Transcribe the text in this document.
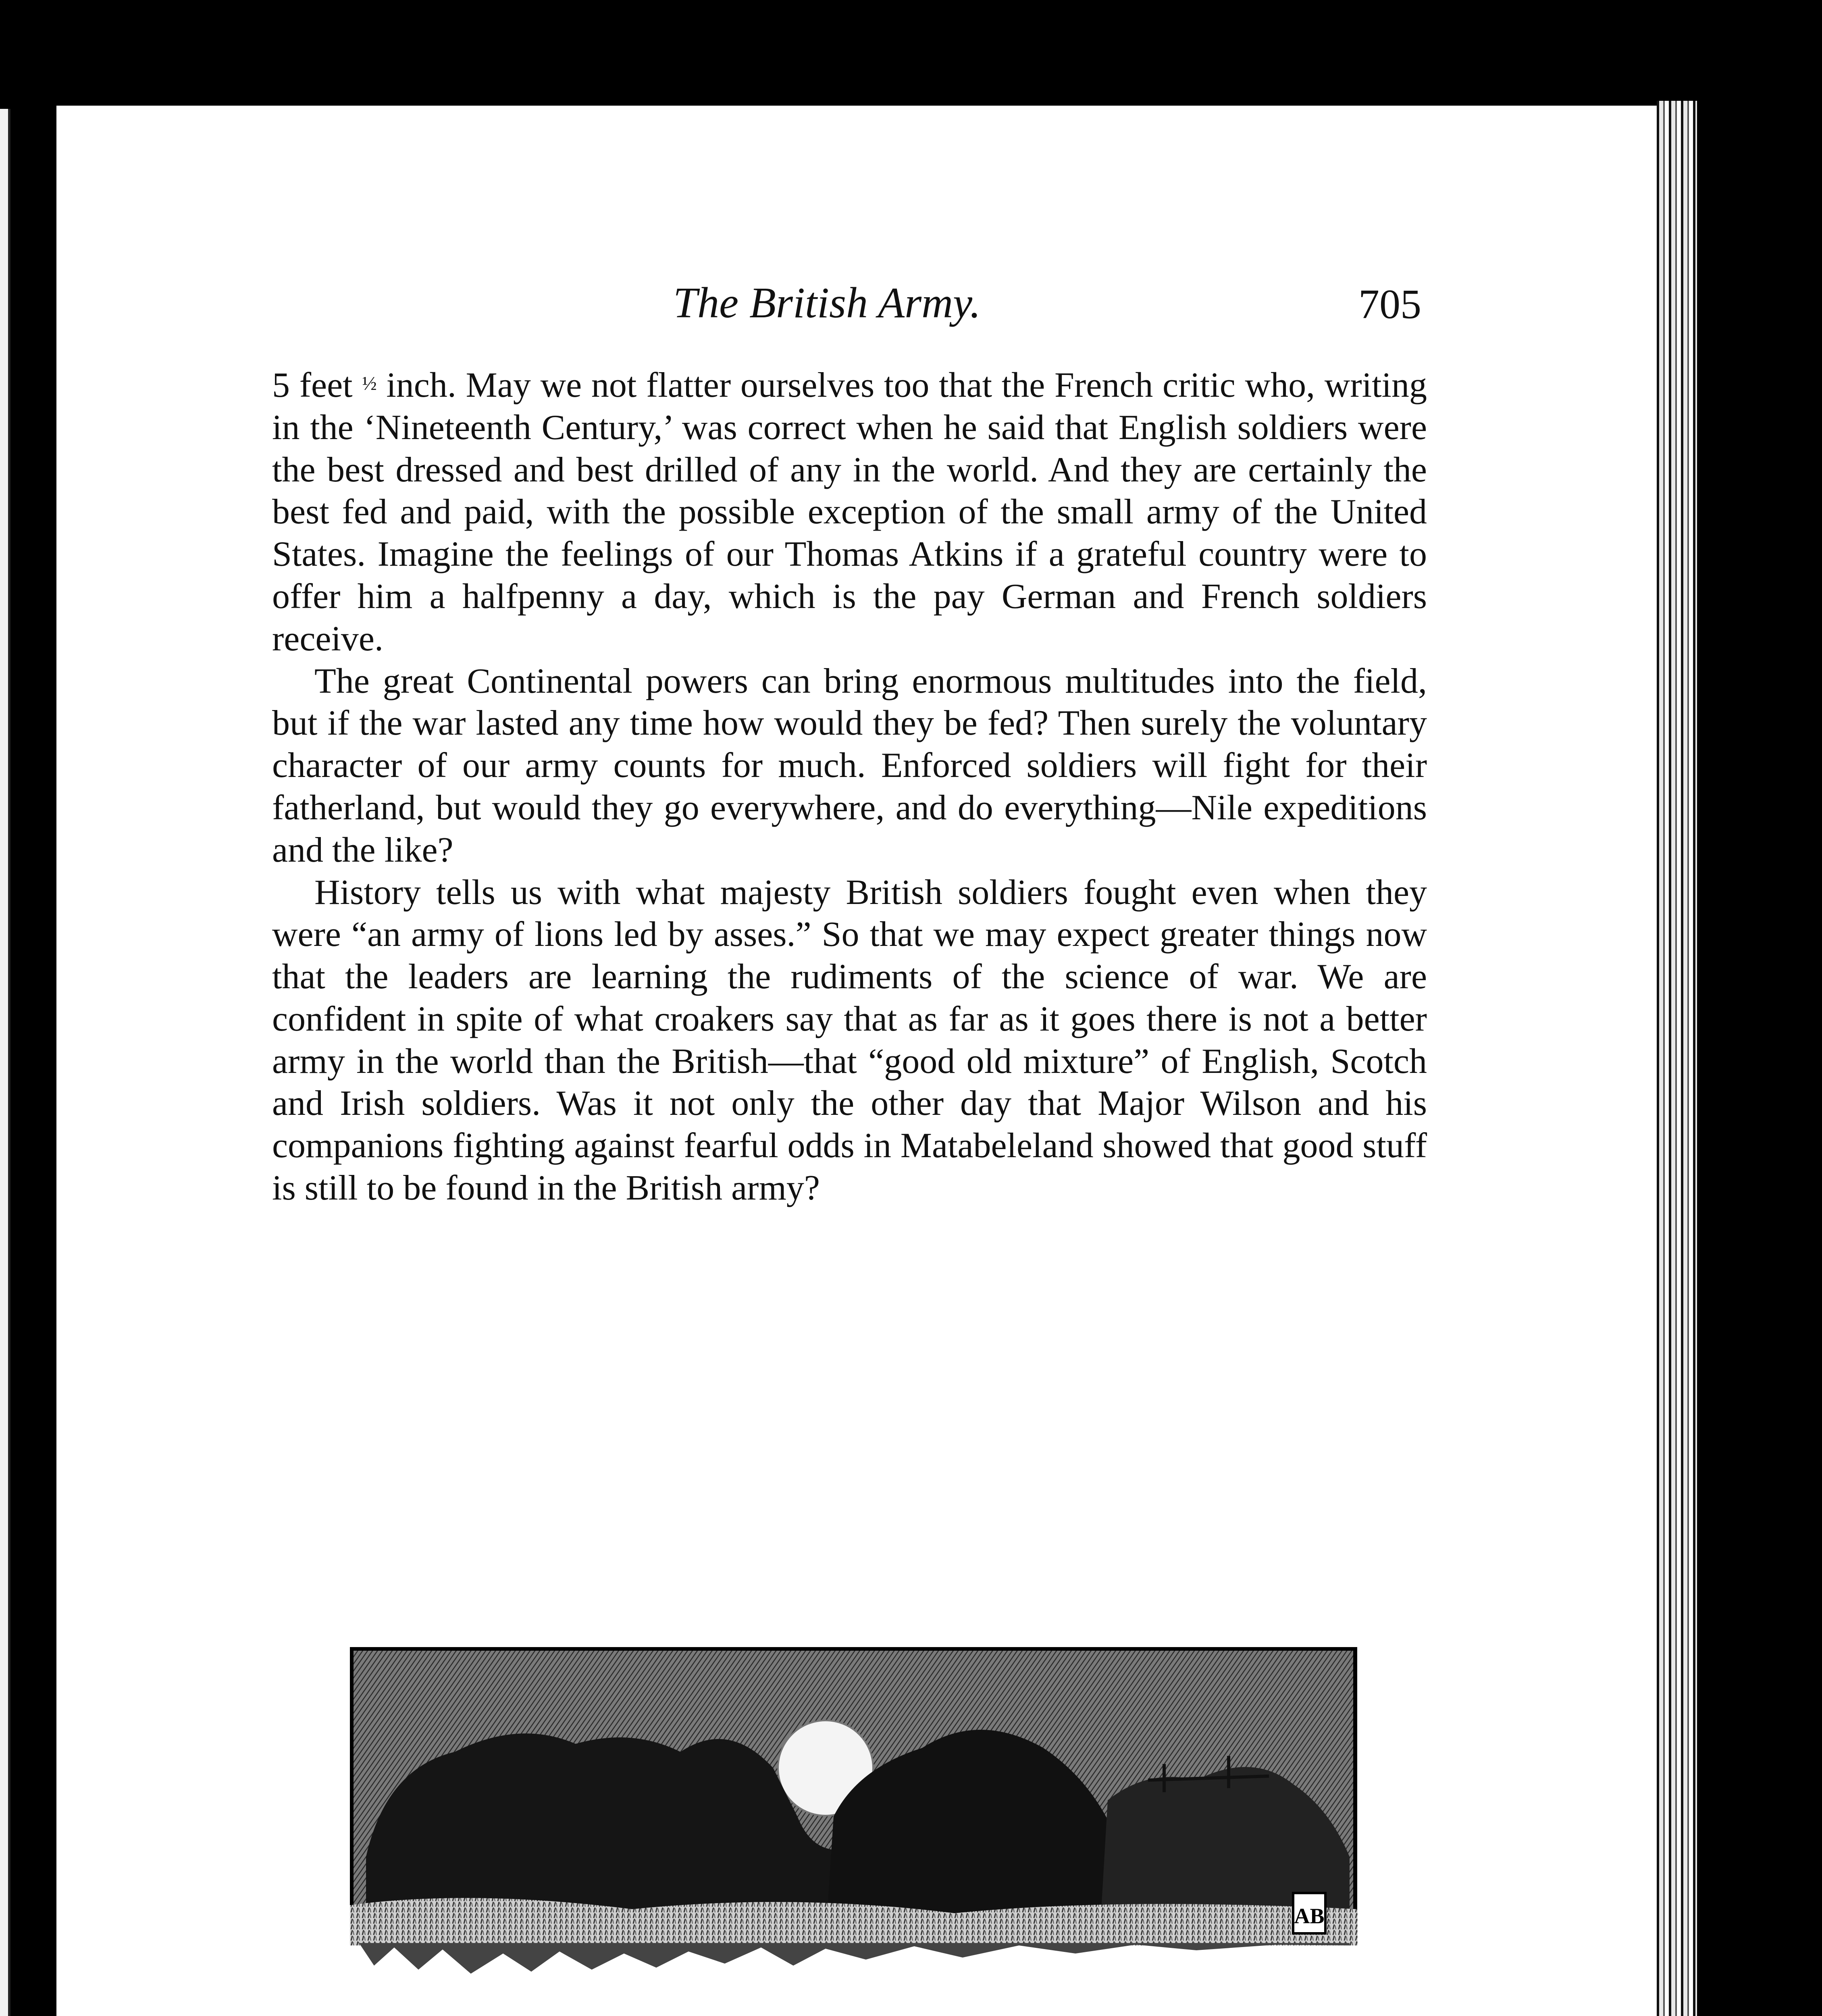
The British Army.	705

5 feet ½ inch. May we not flatter ourselves too that the French critic who, writing in the ‘Nineteenth Century,’ was correct when he said that English soldiers were the best dressed and best drilled of any in the world. And they are certainly the best fed and paid, with the possible exception of the small army of the United States. Imagine the feelings of our Thomas Atkins if a grateful country were to offer him a halfpenny a day, which is the pay German and French soldiers receive.

The great Continental powers can bring enormous multitudes into the field, but if the war lasted any time how would they be fed? Then surely the voluntary character of our army counts for much. Enforced soldiers will fight for their fatherland, but would they go everywhere, and do everything—Nile expeditions and the like?

History tells us with what majesty British soldiers fought even when they were “an army of lions led by asses.” So that we may expect greater things now that the leaders are learning the rudiments of the science of war. We are confident in spite of what croakers say that as far as it goes there is not a better army in the world than the British—that “good old mixture” of English, Scotch and Irish soldiers. Was it not only the other day that Major Wilson and his companions fighting against fearful odds in Matabeleland showed that good stuff is still to be found in the British army?

AB
